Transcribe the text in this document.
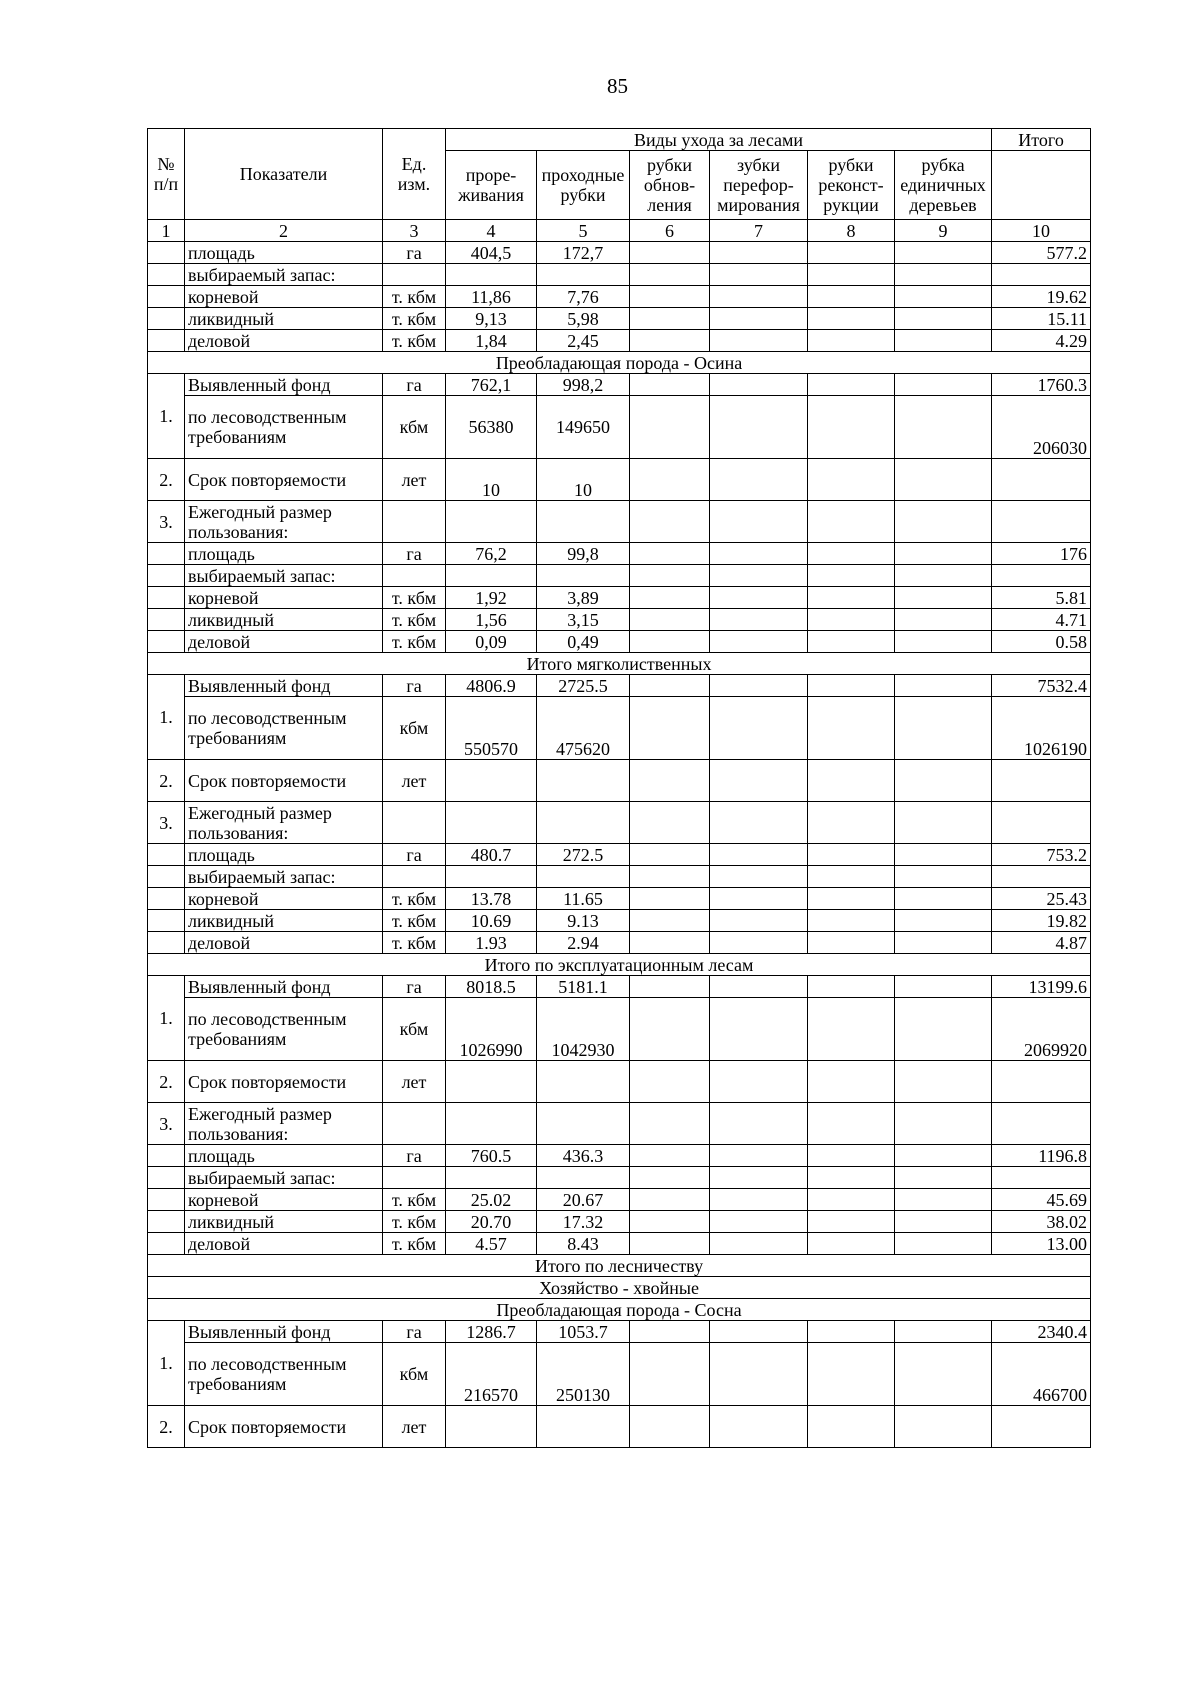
85
№ п/п	Показатели	Ед. изм.	Виды ухода за лесами						Итого
			проре- живания	проходные рубки	рубки обнов- ления	зубки перефор- мирования	рубки реконст- рукции	рубка единичных деревьев	
1	2	3	4	5	6	7	8	9	10
	площадь	га	404,5	172,7					577.2
	выбираемый запас:								
	корневой	т. кбм	11,86	7,76					19.62
	ликвидный	т. кбм	9,13	5,98					15.11
	деловой	т. кбм	1,84	2,45					4.29
Преобладающая порода - Осина									
1.	Выявленный фонд	га	762,1	998,2					1760.3
	по лесоводственным требованиям	кбм	56380	149650					206030
2.	Срок повторяемости	лет	10	10					
3.	Ежегодный размер пользования:								
	площадь	га	76,2	99,8					176
	выбираемый запас:								
	корневой	т. кбм	1,92	3,89					5.81
	ликвидный	т. кбм	1,56	3,15					4.71
	деловой	т. кбм	0,09	0,49					0.58
Итого мягколиственных									
1.	Выявленный фонд	га	4806.9	2725.5					7532.4
	по лесоводственным требованиям	кбм	550570	475620					1026190
2.	Срок повторяемости	лет							
3.	Ежегодный размер пользования:								
	площадь	га	480.7	272.5					753.2
	выбираемый запас:								
	корневой	т. кбм	13.78	11.65					25.43
	ликвидный	т. кбм	10.69	9.13					19.82
	деловой	т. кбм	1.93	2.94					4.87
Итого по эксплуатационным лесам									
1.	Выявленный фонд	га	8018.5	5181.1					13199.6
	по лесоводственным требованиям	кбм	1026990	1042930					2069920
2.	Срок повторяемости	лет							
3.	Ежегодный размер пользования:								
	площадь	га	760.5	436.3					1196.8
	выбираемый запас:								
	корневой	т. кбм	25.02	20.67					45.69
	ликвидный	т. кбм	20.70	17.32					38.02
	деловой	т. кбм	4.57	8.43					13.00
Итого по лесничеству									
Хозяйство - хвойные									
Преобладающая порода - Сосна									
1.	Выявленный фонд	га	1286.7	1053.7					2340.4
	по лесоводственным требованиям	кбм	216570	250130					466700
2.	Срок повторяемости	лет							
